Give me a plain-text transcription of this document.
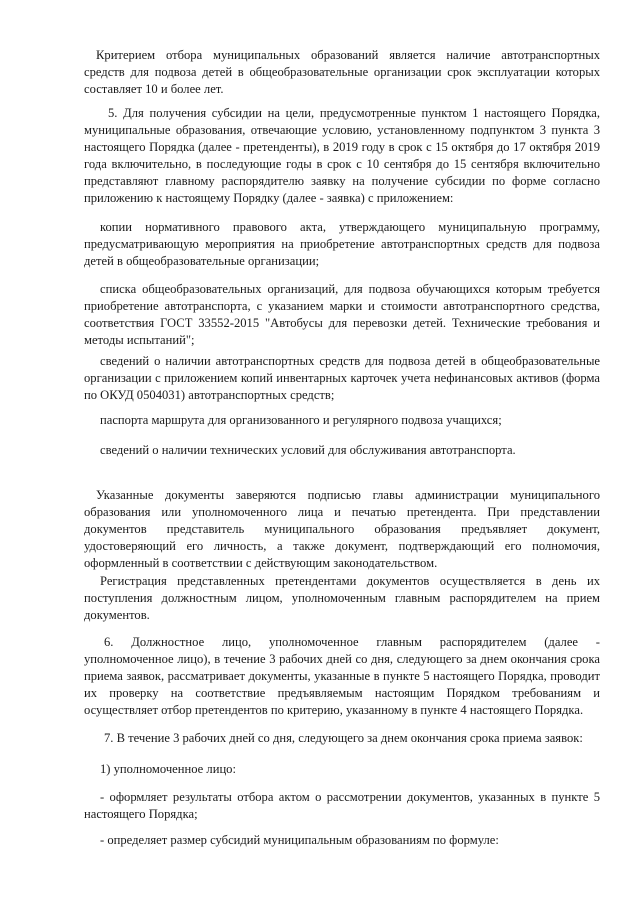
Критерием отбора муниципальных образований является наличие автотранспортных
средств для подвоза детей в общеобразовательные организации срок эксплуатации которых
составляет 10 и более лет.

5. Для получения субсидии на цели, предусмотренные пунктом 1 настоящего Порядка,
муниципальные образования, отвечающие условию, установленному подпунктом 3 пункта 3
настоящего Порядка (далее - претенденты), в 2019 году в срок с 15 октября до 17 октября 2019
года включительно, в последующие годы в срок с 10 сентября до 15 сентября включительно
представляют главному распорядителю заявку на получение субсидии по форме согласно
приложению к настоящему Порядку (далее - заявка) с приложением:

копии нормативного правового акта, утверждающего муниципальную программу,
предусматривающую мероприятия на приобретение автотранспортных средств для подвоза
детей в общеобразовательные организации;

списка общеобразовательных организаций, для подвоза обучающихся которым требуется
приобретение автотранспорта, с указанием марки и стоимости автотранспортного средства,
соответствия ГОСТ 33552-2015 "Автобусы для перевозки детей. Технические требования и
методы испытаний";

сведений о наличии автотранспортных средств для подвоза детей в общеобразовательные
организации с приложением копий инвентарных карточек учета нефинансовых активов (форма
по ОКУД 0504031) автотранспортных средств;

паспорта маршрута для организованного и регулярного подвоза учащихся;

сведений о наличии технических условий для обслуживания автотранспорта.

Указанные документы заверяются подписью главы администрации муниципального
образования или уполномоченного лица и печатью претендента. При представлении
документов представитель муниципального образования предъявляет документ,
удостоверяющий его личность, а также документ, подтверждающий его полномочия,
оформленный в соответствии с действующим законодательством.

Регистрация представленных претендентами документов осуществляется в день их
поступления должностным лицом, уполномоченным главным распорядителем на прием
документов.

6. Должностное лицо, уполномоченное главным распорядителем (далее -
уполномоченное лицо), в течение 3 рабочих дней со дня, следующего за днем окончания срока
приема заявок, рассматривает документы, указанные в пункте 5 настоящего Порядка, проводит
их проверку на соответствие предъявляемым настоящим Порядком требованиям и
осуществляет отбор претендентов по критерию, указанному в пункте 4 настоящего Порядка.

7. В течение 3 рабочих дней со дня, следующего за днем окончания срока приема заявок:

1) уполномоченное лицо:

- оформляет результаты отбора актом о рассмотрении документов, указанных в пункте 5
настоящего Порядка;

- определяет размер субсидий муниципальным образованиям по формуле:
